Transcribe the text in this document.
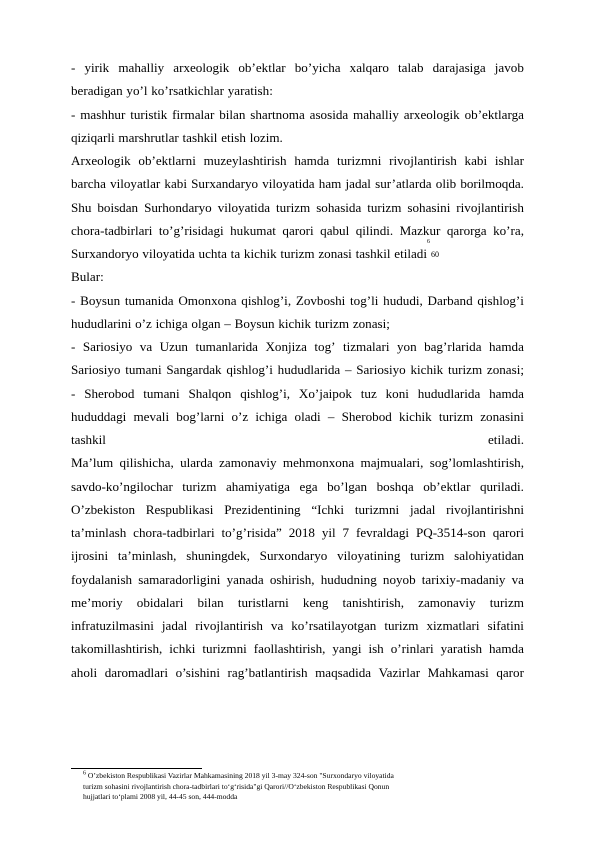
- yirik mahalliy arxeologik ob’ektlar bo’yicha xalqaro talab darajasiga javob
beradigan yo’l ko’rsatkichlar yaratish:
- mashhur turistik firmalar bilan shartnoma asosida mahalliy arxeologik ob’ektlarga
qiziqarli marshrutlar tashkil etish lozim.
Arxeologik ob’ektlarni muzeylashtirish hamda turizmni rivojlantirish kabi ishlar
barcha viloyatlar kabi Surxandaryo viloyatida ham jadal sur’atlarda olib borilmoqda.
Shu boisdan Surhondaryo viloyatida turizm sohasida turizm sohasini rivojlantirish
chora-tadbirlari to’g’risidagi hukumat qarori qabul qilindi. Mazkur qarorga ko’ra,
Surxandoryo viloyatida uchta ta kichik turizm zonasi tashkil etiladi
6
60
Bular:
- Boysun tumanida Omonxona qishlog’i, Zovboshi tog’li hududi, Darband qishlog’i
hududlarini o’z ichiga olgan – Boysun kichik turizm zonasi;
- Sariosiyo va Uzun tumanlarida Xonjiza tog’ tizmalari yon bag’rlarida hamda
Sariosiyo tumani Sangardak qishlog’i hududlarida – Sariosiyo kichik turizm zonasi;
- Sherobod tumani Shalqon qishlog’i, Xo’jaipok tuz koni hududlarida hamda
hududdagi mevali bog’larni o’z ichiga oladi – Sherobod kichik turizm zonasini
tashkil	etiladi.
Ma’lum qilishicha, ularda zamonaviy mehmonxona majmualari, sog’lomlashtirish,
savdo-ko’ngilochar turizm ahamiyatiga ega bo’lgan boshqa ob’ektlar quriladi.
O’zbekiston Respublikasi Prezidentining “Ichki turizmni jadal rivojlantirishni
ta’minlash chora-tadbirlari to’g’risida” 2018 yil 7 fevraldagi PQ-3514-son qarori
ijrosini ta’minlash, shuningdek, Surxondaryo viloyatining turizm salohiyatidan
foydalanish samaradorligini yanada oshirish, hududning noyob tarixiy-madaniy va
me’moriy obidalari bilan turistlarni keng tanishtirish, zamonaviy turizm
infratuzilmasini jadal rivojlantirish va ko’rsatilayotgan turizm xizmatlari sifatini
takomillashtirish, ichki turizmni faollashtirish, yangi ish o’rinlari yaratish hamda
aholi daromadlari o’sishini rag’batlantirish maqsadida Vazirlar Mahkamasi qaror
$^6$ O’zbekiston Respublikasi Vazirlar Mahkamasining 2018 yil 3-may 324-son "Surxondaryo viloyatida
turizm sohasini rivojlantirish chora-tadbirlari to‘g‘risida"gi Qarori//O‘zbekiston Respublikasi Qonun
hujjatlari to‘plami 2008 yil, 44-45 son, 444-modda
